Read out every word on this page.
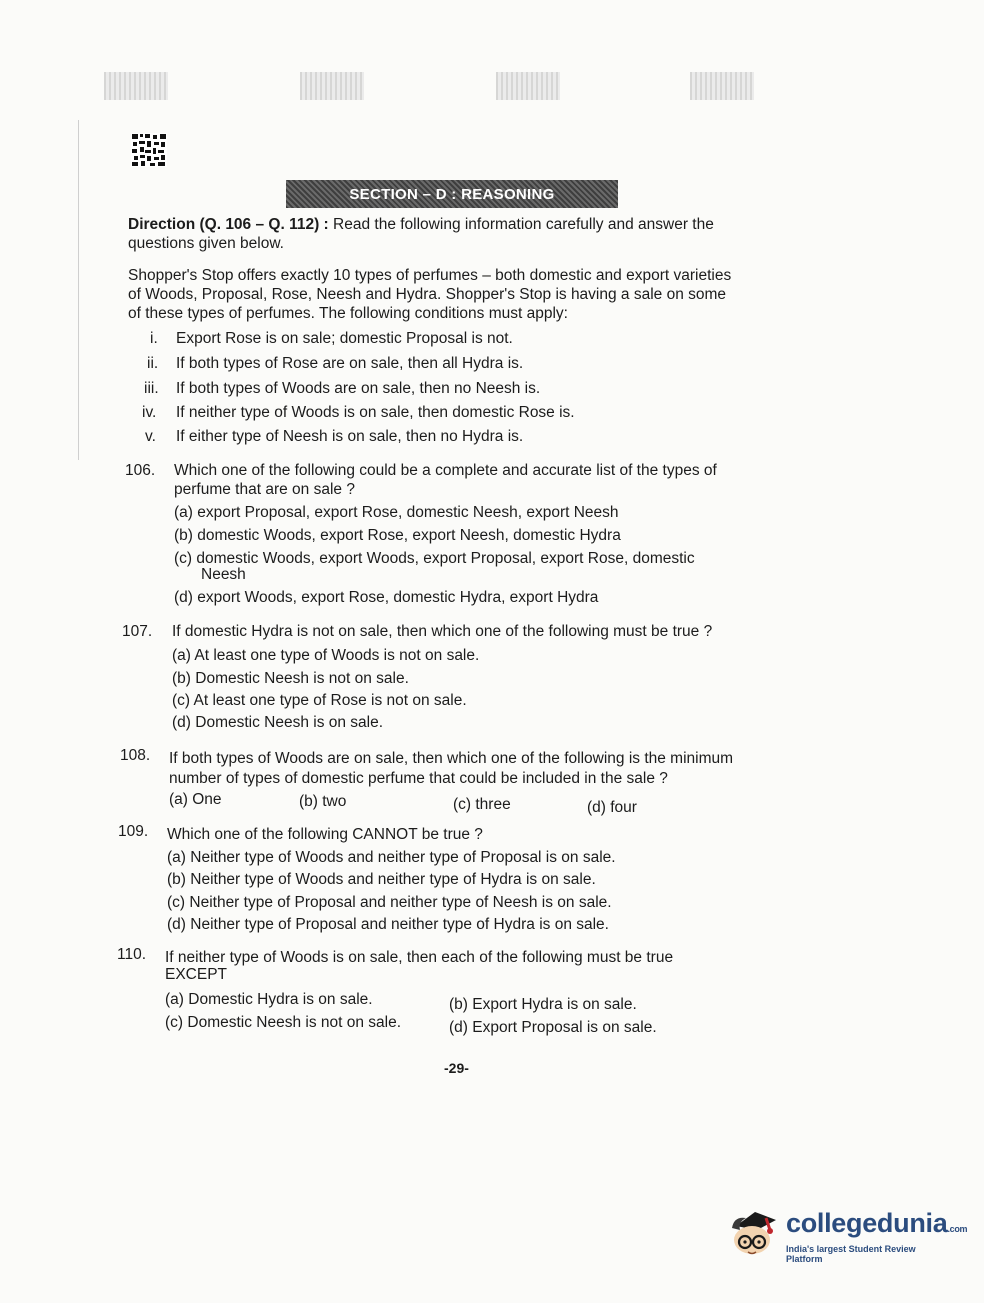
SECTION – D : REASONING
Direction (Q. 106 – Q. 112) : Read the following information carefully and answer the
questions given below.
Shopper's Stop offers exactly 10 types of perfumes – both domestic and export varieties
of Woods, Proposal, Rose, Neesh and Hydra. Shopper's Stop is having a sale on some
of these types of perfumes. The following conditions must apply:
i. Export Rose is on sale; domestic Proposal is not.
ii. If both types of Rose are on sale, then all Hydra is.
iii. If both types of Woods are on sale, then no Neesh is.
iv. If neither type of Woods is on sale, then domestic Rose is.
v. If either type of Neesh is on sale, then no Hydra is.
106. Which one of the following could be a complete and accurate list of the types of
perfume that are on sale ?
(a) export Proposal, export Rose, domestic Neesh, export Neesh
(b) domestic Woods, export Rose, export Neesh, domestic Hydra
(c) domestic Woods, export Woods, export Proposal, export Rose, domestic
Neesh
(d) export Woods, export Rose, domestic Hydra, export Hydra
107. If domestic Hydra is not on sale, then which one of the following must be true ?
(a) At least one type of Woods is not on sale.
(b) Domestic Neesh is not on sale.
(c) At least one type of Rose is not on sale.
(d) Domestic Neesh is on sale.
108. If both types of Woods are on sale, then which one of the following is the minimum
number of types of domestic perfume that could be included in the sale ?
(a) One	(b) two	(c) three	(d) four
109. Which one of the following CANNOT be true ?
(a) Neither type of Woods and neither type of Proposal is on sale.
(b) Neither type of Woods and neither type of Hydra is on sale.
(c) Neither type of Proposal and neither type of Neesh is on sale.
(d) Neither type of Proposal and neither type of Hydra is on sale.
110. If neither type of Woods is on sale, then each of the following must be true
EXCEPT
(a) Domestic Hydra is on sale.	(b) Export Hydra is on sale.
(c) Domestic Neesh is not on sale.	(d) Export Proposal is on sale.
-29-
collegedunia.com
India's largest Student Review Platform
